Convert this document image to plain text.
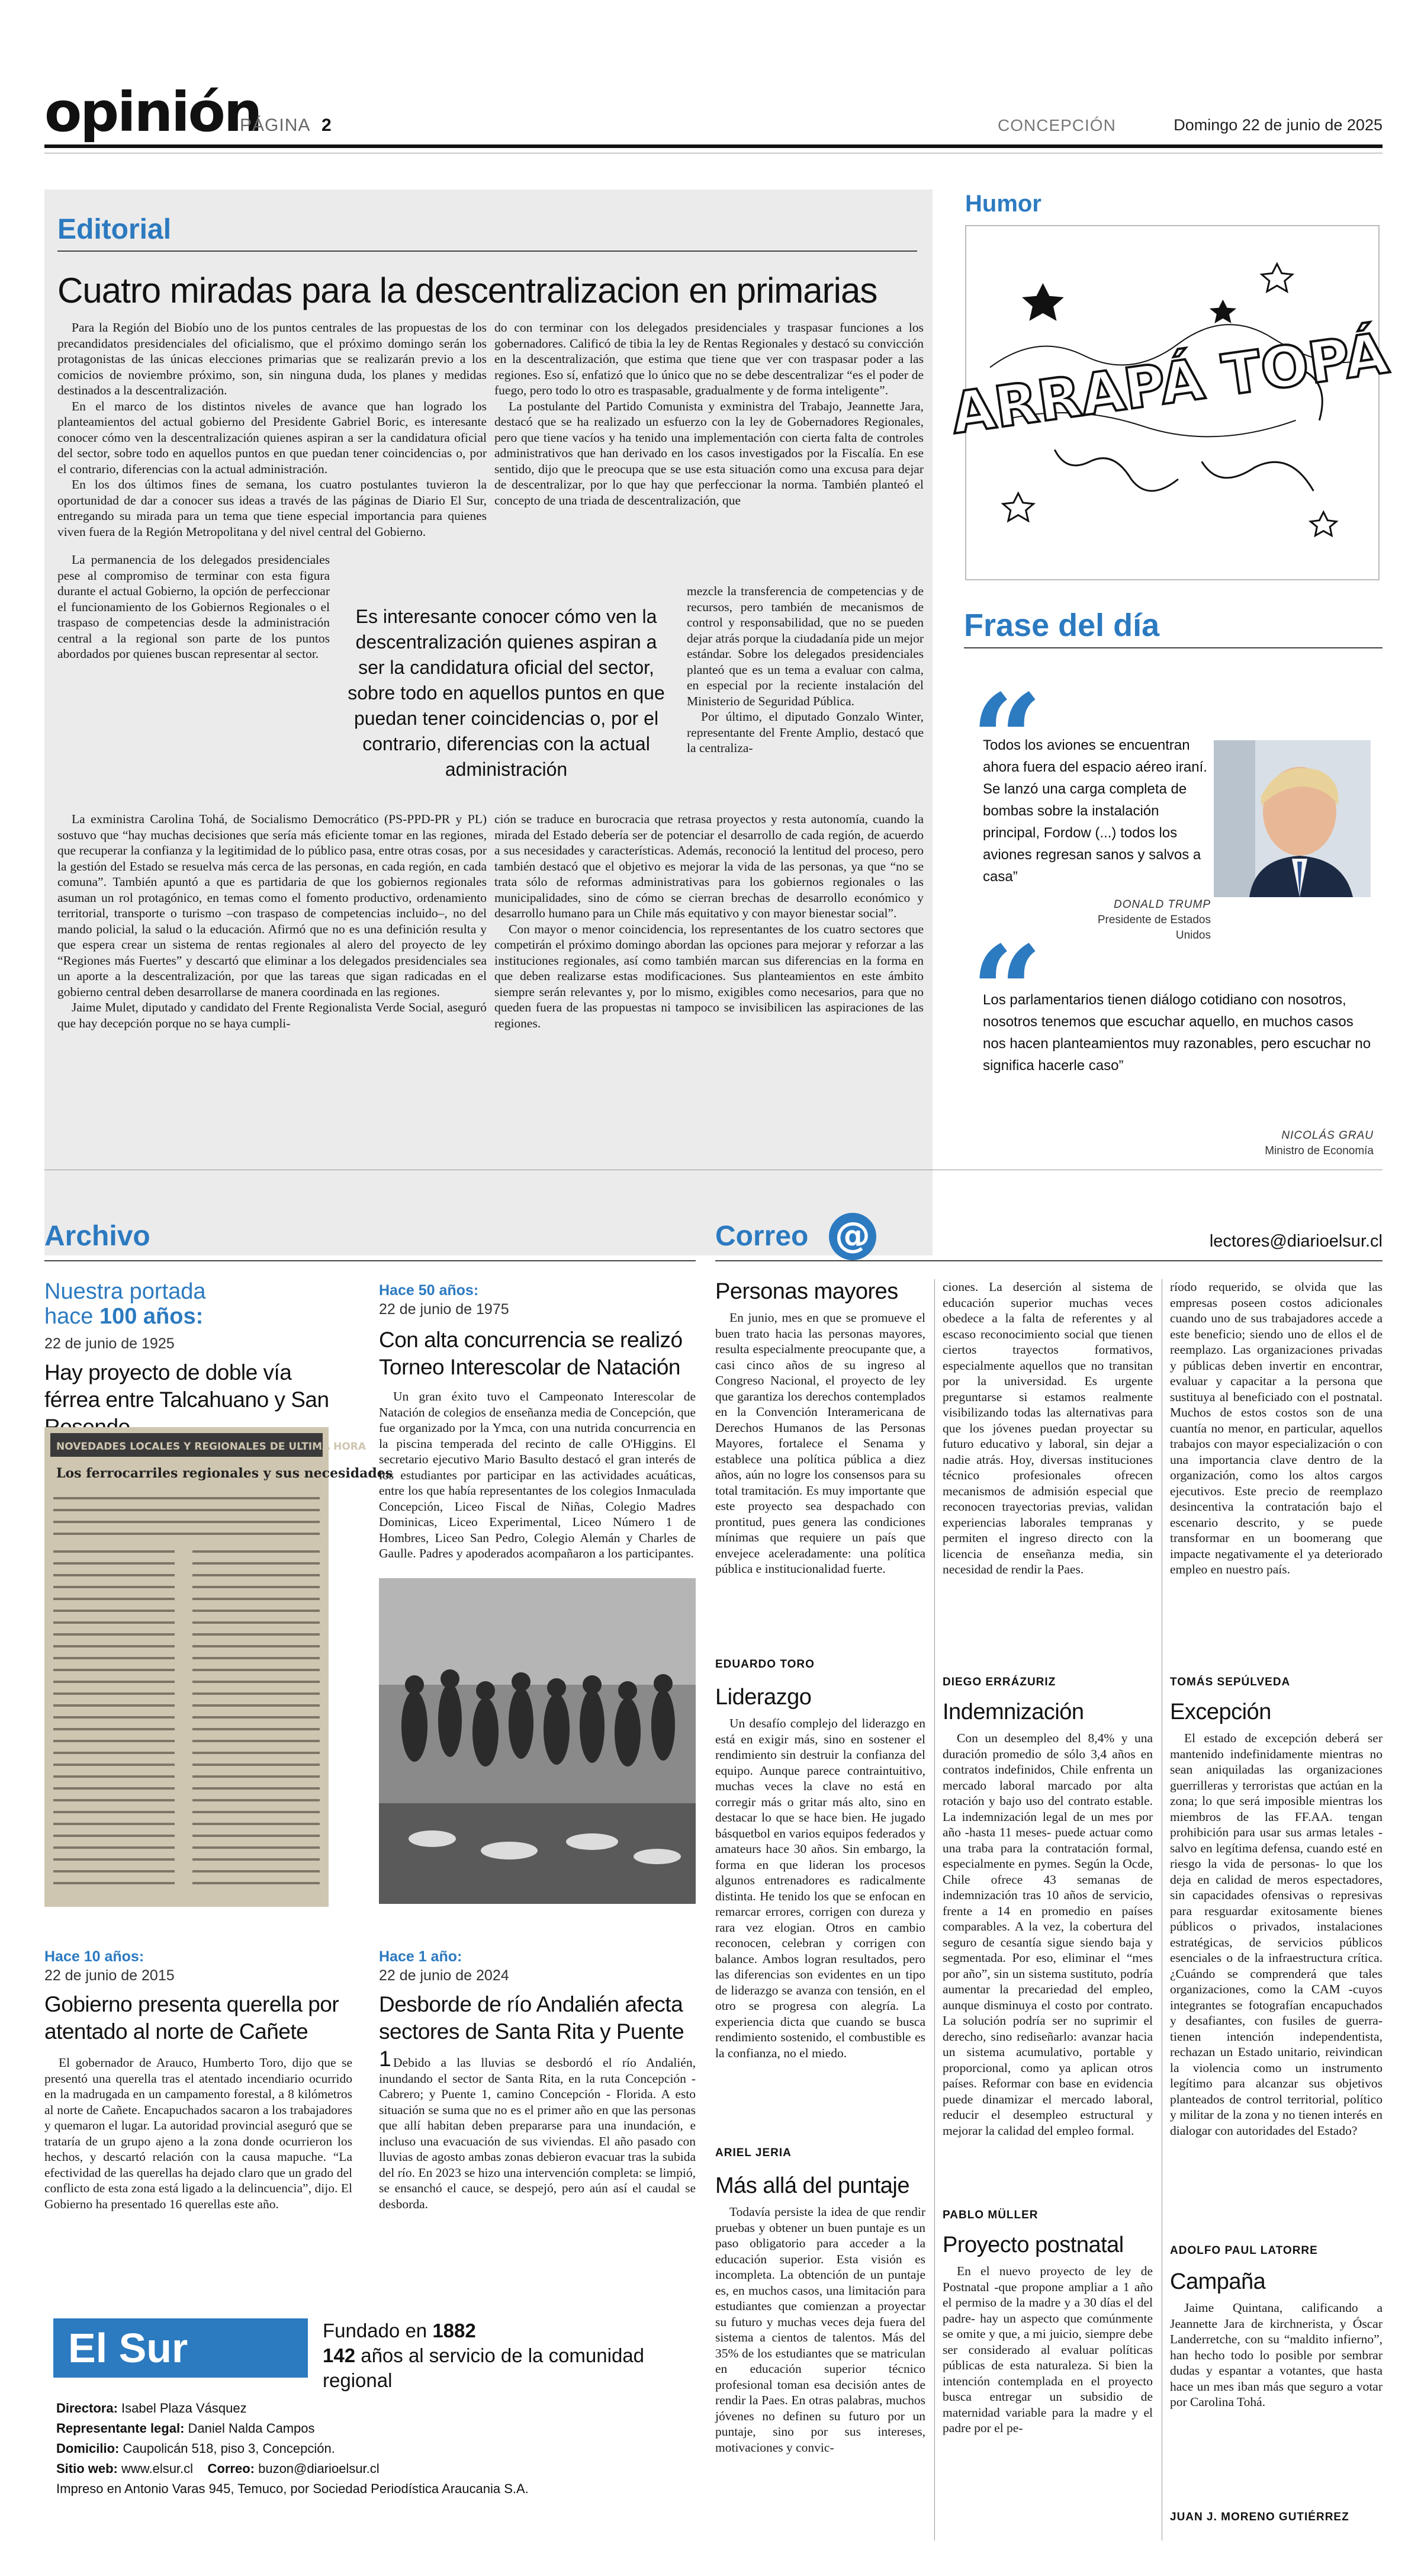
opinión
PÁGINA 2	CONCEPCIÓN	Domingo 22 de junio de 2025
Editorial
Cuatro miradas para la descentralizacion en primarias

Para la Región del Biobío uno de los puntos centrales de las propuestas de los precandidatos presidenciales del oficialismo, que el próximo domingo serán los protagonistas de las únicas elecciones primarias que se realizarán previo a los comicios de noviembre próximo, son, sin ninguna duda, los planes y medidas destinados a la descentralización.

En el marco de los distintos niveles de avance que han logrado los planteamientos del actual gobierno del Presidente Gabriel Boric, es interesante conocer cómo ven la descentralización quienes aspiran a ser la candidatura oficial del sector, sobre todo en aquellos puntos en que puedan tener coincidencias o, por el contrario, diferencias con la actual administración.

En los dos últimos fines de semana, los cuatro postulantes tuvieron la oportunidad de dar a conocer sus ideas a través de las páginas de Diario El Sur, entregando su mirada para un tema que tiene especial importancia para quienes viven fuera de la Región Metropolitana y del nivel central del Gobierno.

La permanencia de los delegados presidenciales pese al compromiso de terminar con esta figura durante el actual Gobierno, la opción de perfeccionar el funcionamiento de los Gobiernos Regionales o el traspaso de competencias desde la administración central a la regional son parte de los puntos abordados por quienes buscan representar al sector.

La exministra Carolina Tohá, de Socialismo Democrático (PS-PPD-PR y PL) sostuvo que “hay muchas decisiones que sería más eficiente tomar en las regiones, que recuperar la confianza y la legitimidad de lo público pasa, entre otras cosas, por la gestión del Estado se resuelva más cerca de las personas, en cada región, en cada comuna”. También apuntó a que es partidaria de que los gobiernos regionales asuman un rol protagónico, en temas como el fomento productivo, ordenamiento territorial, transporte o turismo –con traspaso de competencias incluido–, no del mando policial, la salud o la educación. Afirmó que no es una definición resulta y que espera crear un sistema de rentas regionales al alero del proyecto de ley “Regiones más Fuertes” y descartó que eliminar a los delegados presidenciales sea un aporte a la descentralización, por que las tareas que sigan radicadas en el gobierno central deben desarrollarse de manera coordinada en las regiones.

Jaime Mulet, diputado y candidato del Frente Regionalista Verde Social, aseguró que hay decepción porque no se haya cumpli-

do con terminar con los delegados presidenciales y traspasar funciones a los gobernadores. Calificó de tibia la ley de Rentas Regionales y destacó su convicción en la descentralización, que estima que tiene que ver con traspasar poder a las regiones. Eso sí, enfatizó que lo único que no se debe descentralizar “es el poder de fuego, pero todo lo otro es traspasable, gradualmente y de forma inteligente”.

La postulante del Partido Comunista y exministra del Trabajo, Jeannette Jara, destacó que se ha realizado un esfuerzo con la ley de Gobernadores Regionales, pero que tiene vacíos y ha tenido una implementación con cierta falta de controles administrativos que han derivado en los casos investigados por la Fiscalía. En ese sentido, dijo que le preocupa que se use esta situación como una excusa para dejar de descentralizar, por lo que hay que perfeccionar la norma. También planteó el concepto de una triada de descentralización, que

mezcle la transferencia de competencias y de recursos, pero también de mecanismos de control y responsabilidad, que no se pueden dejar atrás porque la ciudadanía pide un mejor estándar. Sobre los delegados presidenciales planteó que es un tema a evaluar con calma, en especial por la reciente instalación del Ministerio de Seguridad Pública.

Por último, el diputado Gonzalo Winter, representante del Frente Amplio, destacó que la centraliza-

ción se traduce en burocracia que retrasa proyectos y resta autonomía, cuando la mirada del Estado debería ser de potenciar el desarrollo de cada región, de acuerdo a sus necesidades y características. Además, reconoció la lentitud del proceso, pero también destacó que el objetivo es mejorar la vida de las personas, ya que “no se trata sólo de reformas administrativas para los gobiernos regionales o las municipalidades, sino de cómo se cierran brechas de desarrollo económico y desarrollo humano para un Chile más equitativo y con mayor bienestar social”.

Con mayor o menor coincidencia, los representantes de los cuatro sectores que competirán el próximo domingo abordan las opciones para mejorar y reforzar a las instituciones regionales, así como también marcan sus diferencias en la forma en que deben realizarse estas modificaciones. Sus planteamientos en este ámbito siempre serán relevantes y, por lo mismo, exigibles como necesarios, para que no queden fuera de las propuestas ni tampoco se invisibilicen las aspiraciones de las regiones.

Es interesante conocer cómo ven la descentralización quienes aspiran a ser la candidatura oficial del sector, sobre todo en aquellos puntos en que puedan tener coincidencias o, por el contrario, diferencias con la actual administración
Humor
ARRAPÁ TOPÁ
Frase del día
“
Todos los aviones se encuentran ahora fuera del espacio aéreo iraní. Se lanzó una carga completa de bombas sobre la instalación principal, Fordow (...) todos los aviones regresan sanos y salvos a casa”
DONALD TRUMP
Presidente de Estados Unidos
“
Los parlamentarios tienen diálogo cotidiano con nosotros, nosotros tenemos que escuchar aquello, en muchos casos nos hacen planteamientos muy razonables, pero escuchar no significa hacerle caso”
NICOLÁS GRAU
Ministro de Economía
Archivo
Nuestra portada
hace 100 años:
22 de junio de 1925
Hay proyecto de doble vía férrea entre Talcahuano y San
NOVEDADES LOCALES Y REGIONALES DE ULTIMA HORA
Los ferrocarriles regionales y sus necesidades
Hace 50 años:
22 de junio de 1975
Con alta concurrencia se realizó Torneo Interescolar de Natación

Un gran éxito tuvo el Campeonato Interescolar de Natación de colegios de enseñanza media de Concepción, que fue organizado por la Ymca, con una nutrida concurrencia en la piscina temperada del recinto de calle O'Higgins. El secretario ejecutivo Mario Basulto destacó el gran interés de los estudiantes por participar en las actividades acuáticas, entre los que había representantes de los colegios Inmaculada Concepción, Liceo Fiscal de Niñas, Colegio Madres Dominicas, Liceo Experimental, Liceo Número 1 de Hombres, Liceo San Pedro, Colegio Alemán y Charles de Gaulle. Padres y apoderados acompañaron a los participantes.

Hace 10 años:
22 de junio de 2015
Gobierno presenta querella por atentado al norte de Cañete

El gobernador de Arauco, Humberto Toro, dijo que se presentó una querella tras el atentado incendiario ocurrido en la madrugada en un campamento forestal, a 8 kilómetros al norte de Cañete. Encapuchados sacaron a los trabajadores y quemaron el lugar. La autoridad provincial aseguró que se trataría de un grupo ajeno a la zona donde ocurrieron los hechos, y descartó relación con la causa mapuche. “La efectividad de las querellas ha dejado claro que un grado del conflicto de esta zona está ligado a la delincuencia”, dijo. El Gobierno ha presentado 16 querellas este año.

Hace 1 año:
22 de junio de 2024
Desborde de río Andalién afecta sectores de Santa Rita y Puente 1 Debido a las lluvias se desbordó el río Andalién, inundando el sector de Santa Rita, en la ruta Concepción - Cabrero; y Puente 1, camino Concepción - Florida. A esto situación se suma que no es el primer año en que las personas que allí habitan deben prepararse para una inundación, e incluso una evacuación de sus viviendas. El año pasado con lluvias de agosto ambas zonas debieron evacuar tras la subida del río. En 2023 se hizo una intervención completa: se limpió, se ensanchó el cauce, se despejó, pero aún así el caudal se desborda.

El Sur	Fundado en 1882
142 años al servicio de la comunidad regional
Directora: Isabel Plaza Vásquez
Representante legal: Daniel Nalda Campos
Domicilio: Caupolicán 518, piso 3, Concepción.
Sitio web: www.elsur.cl Correo: buzon@diarioelsur.cl
Impreso en Antonio Varas 945, Temuco, por Sociedad Periodística Araucania S.A.
Correo @	lectores@diarioelsur.cl
Personas mayores

En junio, mes en que se promueve el buen trato hacia las personas mayores, resulta especialmente preocupante que, a casi cinco años de su ingreso al Congreso Nacional, el proyecto de ley que garantiza los derechos contemplados en la Convención Interamericana de Derechos Humanos de las Personas Mayores, fortalece el Senama y establece una política pública a diez años, aún no logre los consensos para su total tramitación. Es muy importante que este proyecto sea despachado con prontitud, pues genera las condiciones mínimas que requiere un país que envejece aceleradamente: una política pública e institucionalidad fuerte.

EDUARDO TORO
Liderazgo

Un desafío complejo del liderazgo en está en exigir más, sino en sostener el rendimiento sin destruir la confianza del equipo. Aunque parece contraintuitivo, muchas veces la clave no está en corregir más o gritar más alto, sino en destacar lo que se hace bien. He jugado básquetbol en varios equipos federados y amateurs hace 30 años. Sin embargo, la forma en que lideran los procesos algunos entrenadores es radicalmente distinta. He tenido los que se enfocan en remarcar errores, corrigen con dureza y rara vez elogian. Otros en cambio reconocen, celebran y corrigen con balance. Ambos logran resultados, pero las diferencias son evidentes en un tipo de liderazgo se avanza con tensión, en el otro se progresa con alegría. La experiencia dicta que cuando se busca rendimiento sostenido, el combustible es la confianza, no el miedo.

ARIEL JERIA
Más allá del puntaje

Todavía persiste la idea de que rendir pruebas y obtener un buen puntaje es un paso obligatorio para acceder a la educación superior. Esta visión es incompleta. La obtención de un puntaje es, en muchos casos, una limitación para estudiantes que comienzan a proyectar su futuro y muchas veces deja fuera del sistema a cientos de talentos. Más del 35% de los estudiantes que se matriculan en educación superior técnico profesional toman esa decisión antes de rendir la Paes. En otras palabras, muchos jóvenes no definen su futuro por un puntaje, sino por sus intereses, motivaciones y convic-

ciones. La deserción al sistema de educación superior muchas veces obedece a la falta de referentes y al escaso reconocimiento social que tienen ciertos trayectos formativos, especialmente aquellos que no transitan por la universidad. Es urgente preguntarse si estamos realmente visibilizando todas las alternativas para que los jóvenes puedan proyectar su futuro educativo y laboral, sin dejar a nadie atrás. Hoy, diversas instituciones técnico profesionales ofrecen mecanismos de admisión especial que reconocen trayectorias previas, validan experiencias laborales tempranas y permiten el ingreso directo con la licencia de enseñanza media, sin necesidad de rendir la Paes.

DIEGO ERRÁZURIZ
Indemnización

Con un desempleo del 8,4% y una duración promedio de sólo 3,4 años en contratos indefinidos, Chile enfrenta un mercado laboral marcado por alta rotación y bajo uso del contrato estable. La indemnización legal de un mes por año -hasta 11 meses- puede actuar como una traba para la contratación formal, especialmente en pymes. Según la Ocde, Chile ofrece 43 semanas de indemnización tras 10 años de servicio, frente a 14 en promedio en países comparables. A la vez, la cobertura del seguro de cesantía sigue siendo baja y segmentada. Por eso, eliminar el “mes por año”, sin un sistema sustituto, podría aumentar la precariedad del empleo, aunque disminuya el costo por contrato. La solución podría ser no suprimir el derecho, sino rediseñarlo: avanzar hacia un sistema acumulativo, portable y proporcional, como ya aplican otros países. Reformar con base en evidencia puede dinamizar el mercado laboral, reducir el desempleo estructural y mejorar la calidad del empleo formal.

PABLO MÜLLER
Proyecto postnatal

En el nuevo proyecto de ley de Postnatal -que propone ampliar a 1 año el permiso de la madre y a 30 días el del padre- hay un aspecto que comúnmente se omite y que, a mi juicio, siempre debe ser considerado al evaluar políticas públicas de esta naturaleza. Si bien la intención contemplada en el proyecto busca entregar un subsidio de maternidad variable para la madre y el padre por el pe-

ríodo requerido, se olvida que las empresas poseen costos adicionales cuando uno de sus trabajadores accede a este beneficio; siendo uno de ellos el de reemplazo. Las organizaciones privadas y públicas deben invertir en encontrar, evaluar y capacitar a la persona que sustituya al beneficiado con el postnatal. Muchos de estos costos son de una cuantía no menor, en particular, aquellos trabajos con mayor especialización o con una importancia clave dentro de la organización, como los altos cargos ejecutivos. Este precio de reemplazo desincentiva la contratación bajo el escenario descrito, y se puede transformar en un boomerang que impacte negativamente el ya deteriorado empleo en nuestro país.

TOMÁS SEPÚLVEDA
Excepción

El estado de excepción deberá ser mantenido indefinidamente mientras no sean aniquiladas las organizaciones guerrilleras y terroristas que actúan en la zona; lo que será imposible mientras los miembros de las FF.AA. tengan prohibición para usar sus armas letales -salvo en legítima defensa, cuando esté en riesgo la vida de personas- lo que los deja en calidad de meros espectadores, sin capacidades ofensivas o represivas para resguardar exitosamente bienes públicos o privados, instalaciones estratégicas, de servicios públicos esenciales o de la infraestructura crítica. ¿Cuándo se comprenderá que tales organizaciones, como la CAM -cuyos integrantes se fotografían encapuchados y desafiantes, con fusiles de guerra- tienen intención independentista, rechazan un Estado unitario, reivindican la violencia como un instrumento legítimo para alcanzar sus objetivos planteados de control territorial, político y militar de la zona y no tienen interés en dialogar con autoridades del Estado?

ADOLFO PAUL LATORRE
Campaña

Jaime Quintana, calificando a Jeannette Jara de kirchnerista, y Óscar Landerretche, con su “maldito infierno”, han hecho todo lo posible por sembrar dudas y espantar a votantes, que hasta hace un mes iban más que seguro a votar por Carolina Tohá.

JUAN J. MORENO GUTIÉRREZ
